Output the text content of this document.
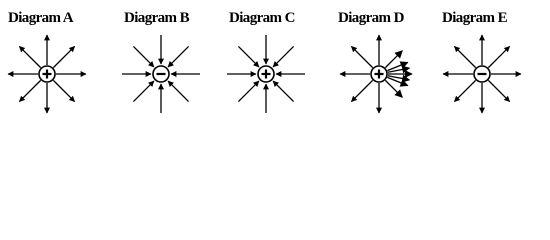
Diagram A	Diagram B	Diagram C	Diagram D	Diagram E
